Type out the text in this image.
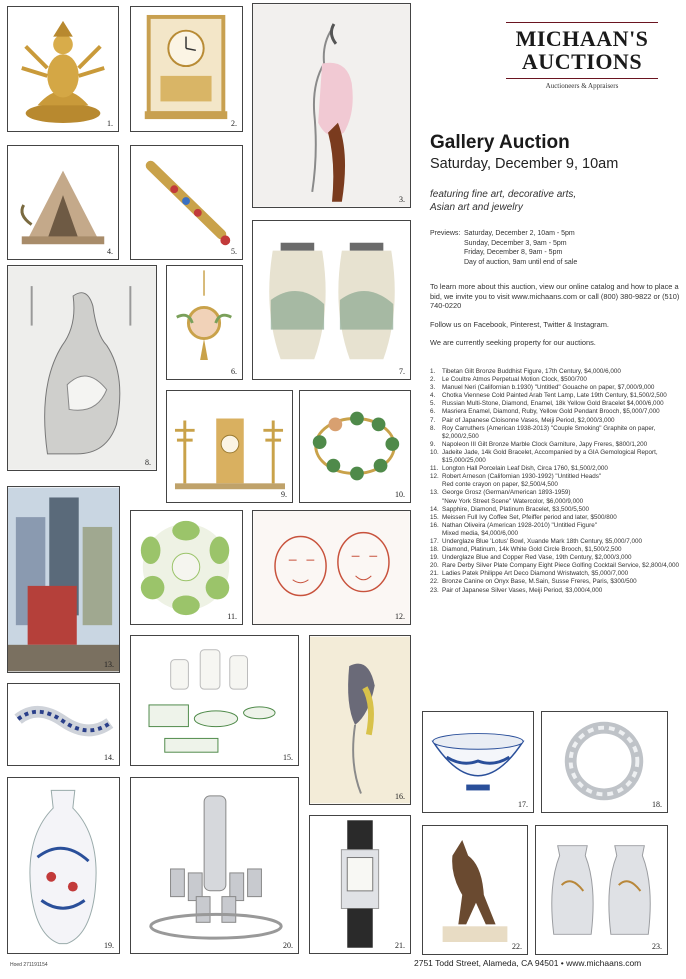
MICHAAN'S
AUCTIONS
Auctioneers & Appraisers
Gallery Auction
Saturday, December 9, 10am
featuring fine art, decorative arts, Asian art and jewelry
Previews: Saturday, December 2, 10am - 5pm
Sunday, December 3, 9am - 5pm
Friday, December 8, 9am - 5pm
Day of auction, 9am until end of sale
To learn more about this auction, view our online catalog and how to place a bid, we invite you to visit www.michaans.com or call (800) 380-9822 or (510) 740-0220
Follow us on Facebook, Pinterest, Twitter & Instagram.
We are currently seeking property for our auctions.
1.	Tibetan Gilt Bronze Buddhist Figure, 17th Century, $4,000/6,000
2.	Le Coultre Atmos Perpetual Motion Clock, $500/700
3.	Manuel Neri (Californian b.1930) "Untitled" Gouache on paper, $7,000/9,000
4.	Chotka Viennese Cold Painted Arab Tent Lamp, Late 19th Century, $1,500/2,500
5.	Russian Multi-Stone, Diamond, Enamel, 18k Yellow Gold Bracelet $4,000/6,000
6.	Masriera Enamel, Diamond, Ruby, Yellow Gold Pendant Brooch, $5,000/7,000
7.	Pair of Japanese Cloisonne Vases, Meiji Period, $2,000/3,000
8.	Roy Carruthers (American 1938-2013) "Couple Smoking" Graphite on paper, $2,000/2,500
9.	Napoleon III Gilt Bronze Marble Clock Garniture, Japy Freres, $800/1,200
10. Jadeite Jade, 14k Gold Bracelet, Accompanied by a GIA Gemological Report, $15,000/25,000
11. Longton Hall Porcelain Leaf Dish, Circa 1760, $1,500/2,000
12. Robert Arneson (Californian 1930-1992) "Untitled Heads"
Red conte crayon on paper, $2,500/4,500
13. George Grosz (German/American 1893-1959)
"New York Street Scene" Watercolor, $6,000/9,000
14. Sapphire, Diamond, Platinum Bracelet, $3,500/5,500
15. Meissen Full Ivy Coffee Set, Pfeiffer period and later, $500/800
16. Nathan Oliveira (American 1928-2010) "Untitled Figure"
Mixed media, $4,000/6,000
17. Underglaze Blue 'Lotus' Bowl, Xuande Mark 18th Century, $5,000/7,000
18. Diamond, Platinum, 14k White Gold Circle Brooch, $1,500/2,500
19. Underglaze Blue and Copper Red Vase, 19th Century, $2,000/3,000
20. Rare Derby Silver Plate Company Eight Piece Golfing Cocktail Service, $2,800/4,000
21. Ladies Patek Philippe Art Deco Diamond Wristwatch, $5,000/7,000
22. Bronze Canine on Onyx Base, M.Sain, Susse Freres, Paris, $300/500
23. Pair of Japanese Silver Vases, Meiji Period, $3,000/4,000
1.	2.
3.
4.	5.
8.
6.	7.
9.	10.
13.
11.	12.
14.	15.
16.
17.	18.
19.	20.	21.	22.	23.
2751 Todd Street, Alameda, CA 94501 • www.michaans.com
Hoed 271191154
